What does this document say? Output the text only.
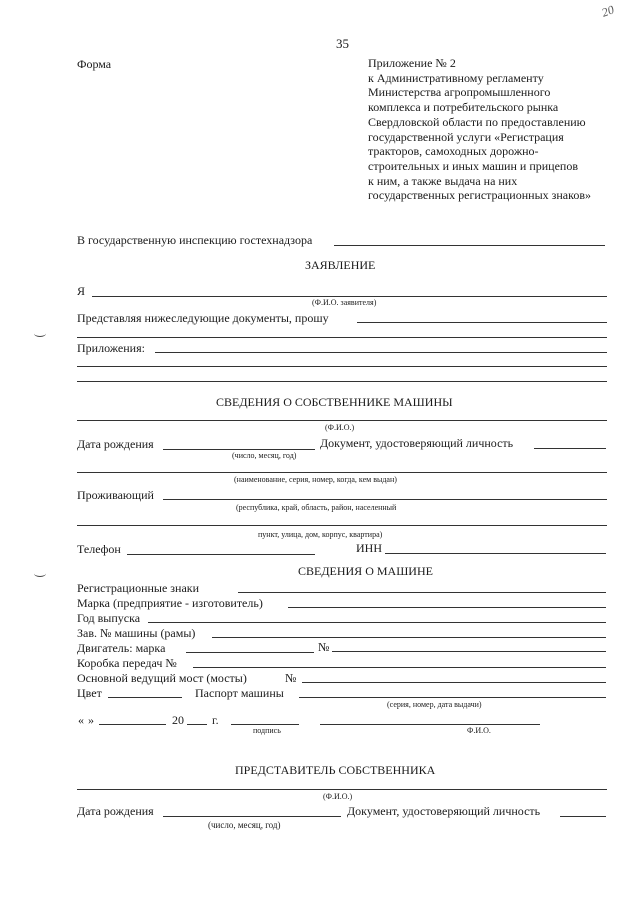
35
20
Форма	Приложение № 2
к Административному регламенту
Министерства агропромышленного
комплекса и потребительского рынка
Свердловской области по предоставлению
государственной услуги «Регистрация
тракторов, самоходных дорожно-
строительных и иных машин и прицепов
к ним, а также выдача на них
государственных регистрационных знаков»
В государственную инспекцию гостехнадзора
ЗАЯВЛЕНИЕ
Я
(Ф.И.О. заявителя)
Представляя нижеследующие документы, прошу
Приложения:
СВЕДЕНИЯ О СОБСТВЕННИКЕ МАШИНЫ
(Ф.И.О.)
Дата рождения	Документ, удостоверяющий личность
(число, месяц, год)
(наименование, серия, номер, когда, кем выдан)
Проживающий
(республика, край, область, район, населенный
пункт, улица, дом, корпус, квартира)
Телефон	ИНН
СВЕДЕНИЯ О МАШИНЕ
Регистрационные знаки
Марка (предприятие - изготовитель)
Год выпуска
Зав. № машины (рамы)
Двигатель: марка	№
Коробка передач №
Основной ведущий мост (мосты)	№
Цвет	Паспорт машины
(серия, номер, дата выдачи)
« »	20 г.
подпись	Ф.И.О.
ПРЕДСТАВИТЕЛЬ СОБСТВЕННИКА
(Ф.И.О.)
Дата рождения	Документ, удостоверяющий личность
(число, месяц, год)
